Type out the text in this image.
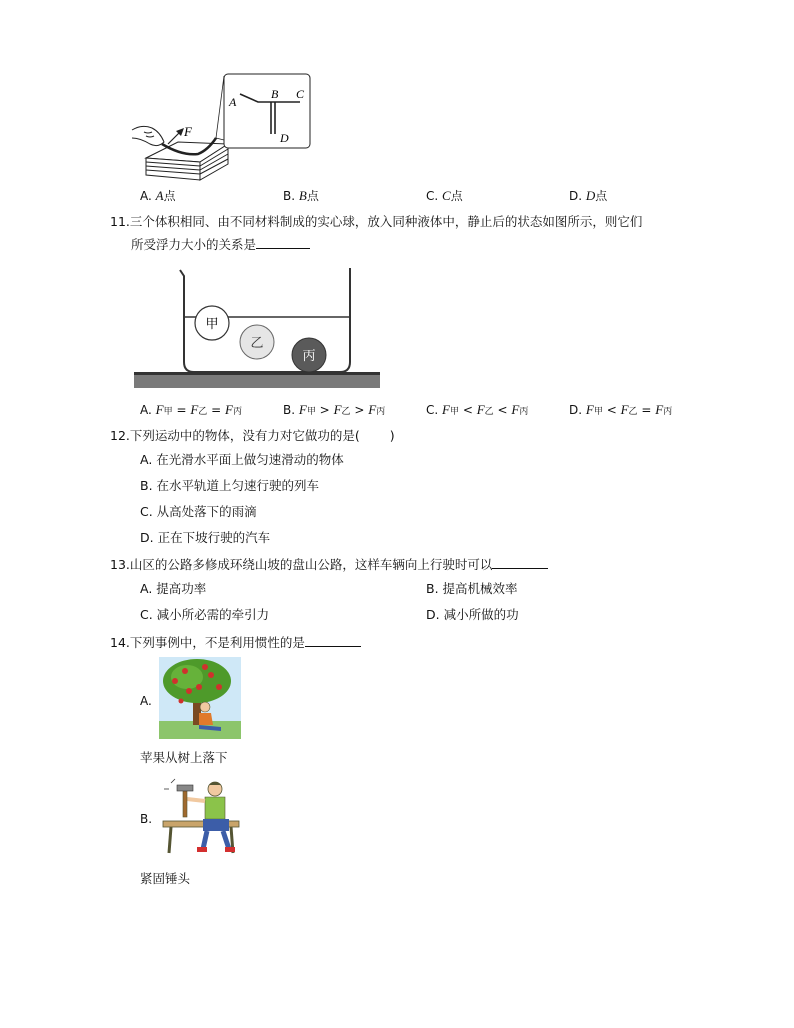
F
A
B C
D
A. A点	B. B点	C. C点	D. D点
11.三个体积相同、由不同材料制成的实心球，放入同种液体中，静止后的状态如图所示，则它们
所受浮力大小的关系是
甲
乙
丙
A. F甲 = F乙 = F丙	B. F甲 > F乙 > F丙	C. F甲 < F乙 < F丙	D. F甲 < F乙 = F丙
12.下列运动中的物体，没有力对它做功的是( )
A. 在光滑水平面上做匀速滑动的物体
B. 在水平轨道上匀速行驶的列车
C. 从高处落下的雨滴
D. 正在下坡行驶的汽车
13.山区的公路多修成环绕山坡的盘山公路，这样车辆向上行驶时可以
A. 提高功率	B. 提高机械效率
C. 减小所必需的牵引力	D. 减小所做的功
14.下列事例中，不是利用惯性的是
A.
苹果从树上落下
B.
紧固锤头
